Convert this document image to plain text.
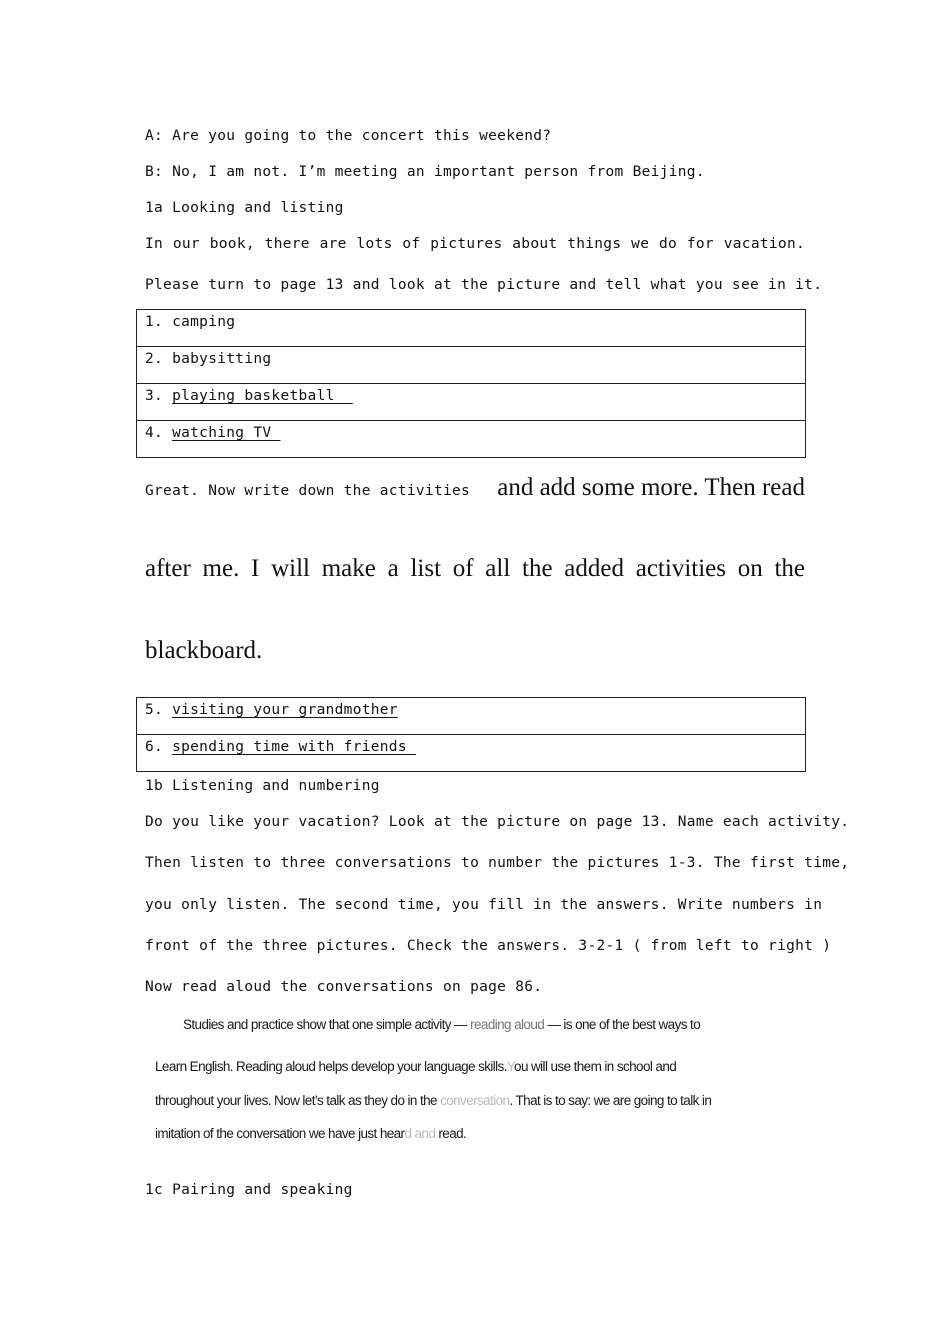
A: Are you going to the concert this weekend?
B: No, I am not. I’m meeting an important person from Beijing.
1a Looking and listing
In our book, there are lots of pictures about things we do for vacation.
Please turn to page 13 and look at the picture and tell what you see in it.
1. camping
2. babysitting
3. playing basketball
4. watching TV
Great. Now write down the activities and add some more. Then read
after me. I will make a list of all the added activities on the
blackboard.
5. visiting your grandmother
6. spending time with friends
1b Listening and numbering
Do you like your vacation? Look at the picture on page 13. Name each activity.
Then listen to three conversations to number the pictures 1-3. The first time,
you only listen. The second time, you fill in the answers. Write numbers in
front of the three pictures. Check the answers. 3-2-1 ( from left to right )
Now read aloud the conversations on page 86.
Studies and practice show that one simple activity — reading aloud — is one of the best ways to
Learn English. Reading aloud helps develop your language skills.You will use them in school and
throughout your lives. Now let’s talk as they do in the conversation. That is to say: we are going to talk in
imitation of the conversation we have just heard and read.
1c Pairing and speaking
